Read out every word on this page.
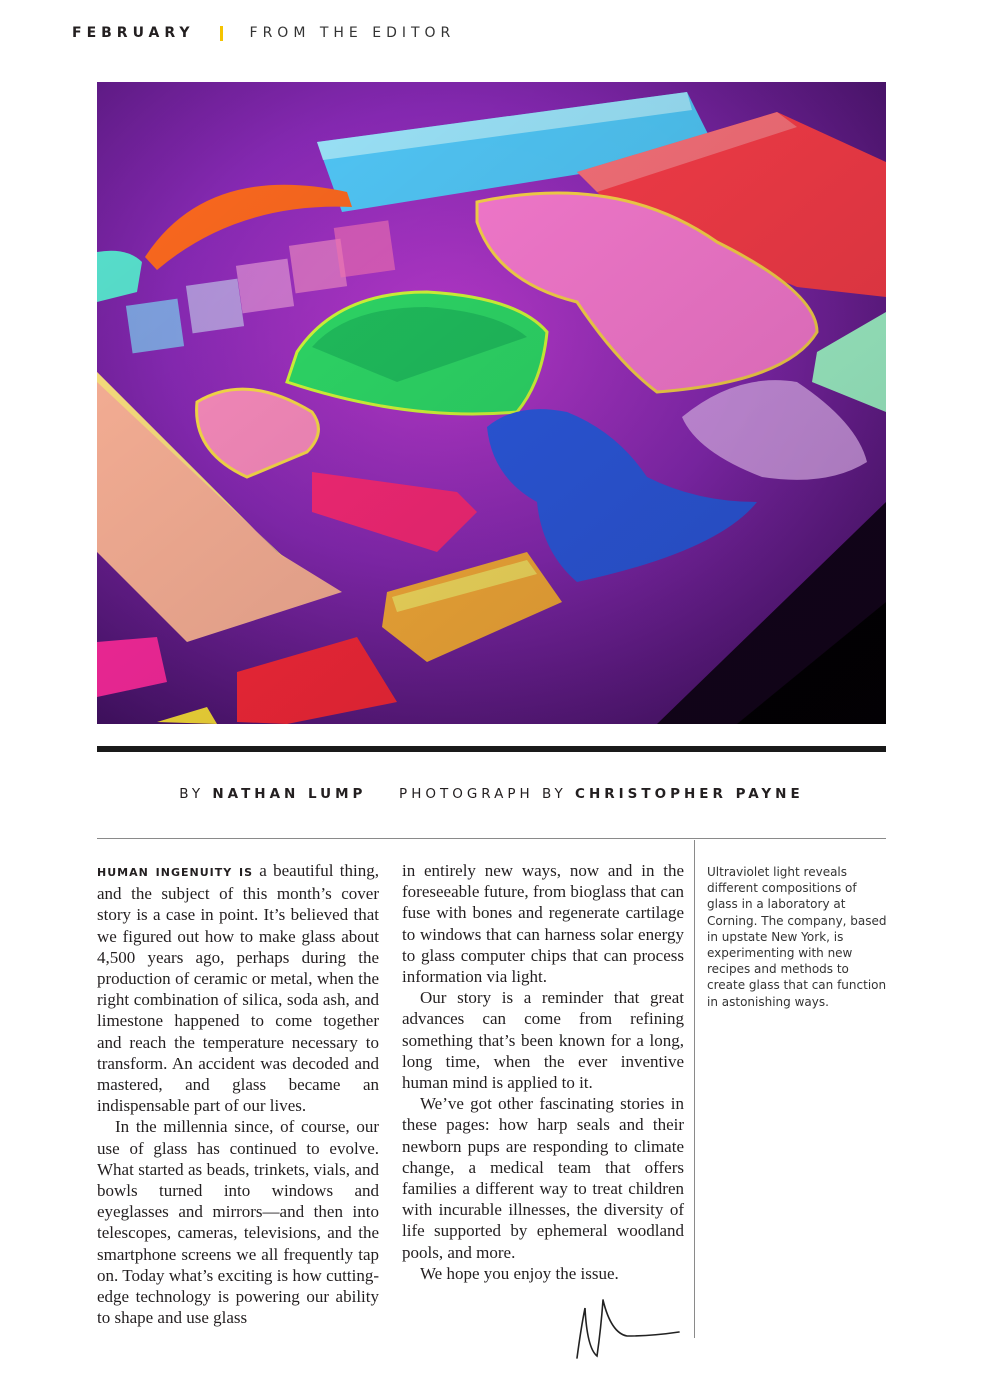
FEBRUARY	FROM THE EDITOR
BY NATHAN LUMP PHOTOGRAPH BY CHRISTOPHER PAYNE

HUMAN INGENUITY IS a beautiful thing, and the subject of this month’s cover story is a case in point. It’s believed that we figured out how to make glass about 4,500 years ago, perhaps during the production of ceramic or metal, when the right combination of silica, soda ash, and limestone happened to come together and reach the temperature necessary to transform. An accident was decoded and mastered, and glass became an indispensable part of our lives.

In the millennia since, of course, our use of glass has continued to evolve. What started as beads, trinkets, vials, and bowls turned into windows and eyeglasses and mirrors—and then into telescopes, cameras, televisions, and the smartphone screens we all frequently tap on. Today what’s exciting is how cutting-edge technology is powering our ability to shape and use glass

in entirely new ways, now and in the foreseeable future, from bioglass that can fuse with bones and regenerate cartilage to windows that can harness solar energy to glass computer chips that can process information via light.

Our story is a reminder that great advances can come from refining something that’s been known for a long, long time, when the ever inventive human mind is applied to it.

We’ve got other fascinating stories in these pages: how harp seals and their newborn pups are responding to climate change, a medical team that offers families a different way to treat children with incurable illnesses, the diversity of life supported by ephemeral woodland pools, and more.

We hope you enjoy the issue.

Ultraviolet light reveals different compositions of glass in a laboratory at Corning. The company, based in upstate New York, is experimenting with new recipes and methods to create glass that can function in astonishing ways.
